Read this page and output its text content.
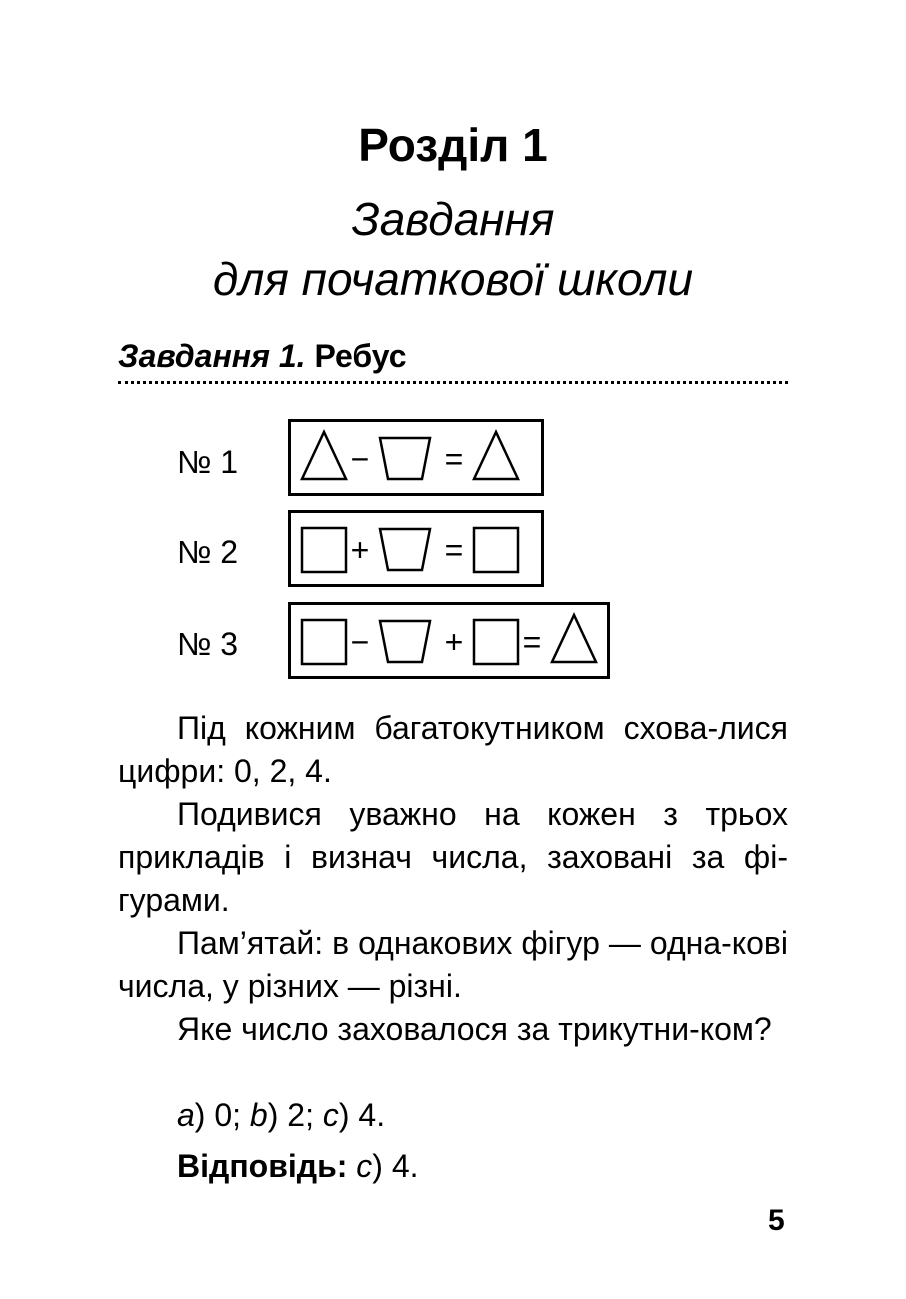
Розділ 1
Завдання
для початкової школи
Завдання 1. Ребус
№ 1	− =
№ 2	+ =
№ 3	− + =

Під кожним багатокутником схова-лися цифри: 0, 2, 4.

Подивися уважно на кожен з трьох прикладів і визнач числа, заховані за фі-гурами.

Пам’ятай: в однакових фігур — одна-кові числа, у різних — різні.

Яке число заховалося за трикутни-ком?

a) 0; b) 2; c) 4.

Відповідь: c) 4.

5
